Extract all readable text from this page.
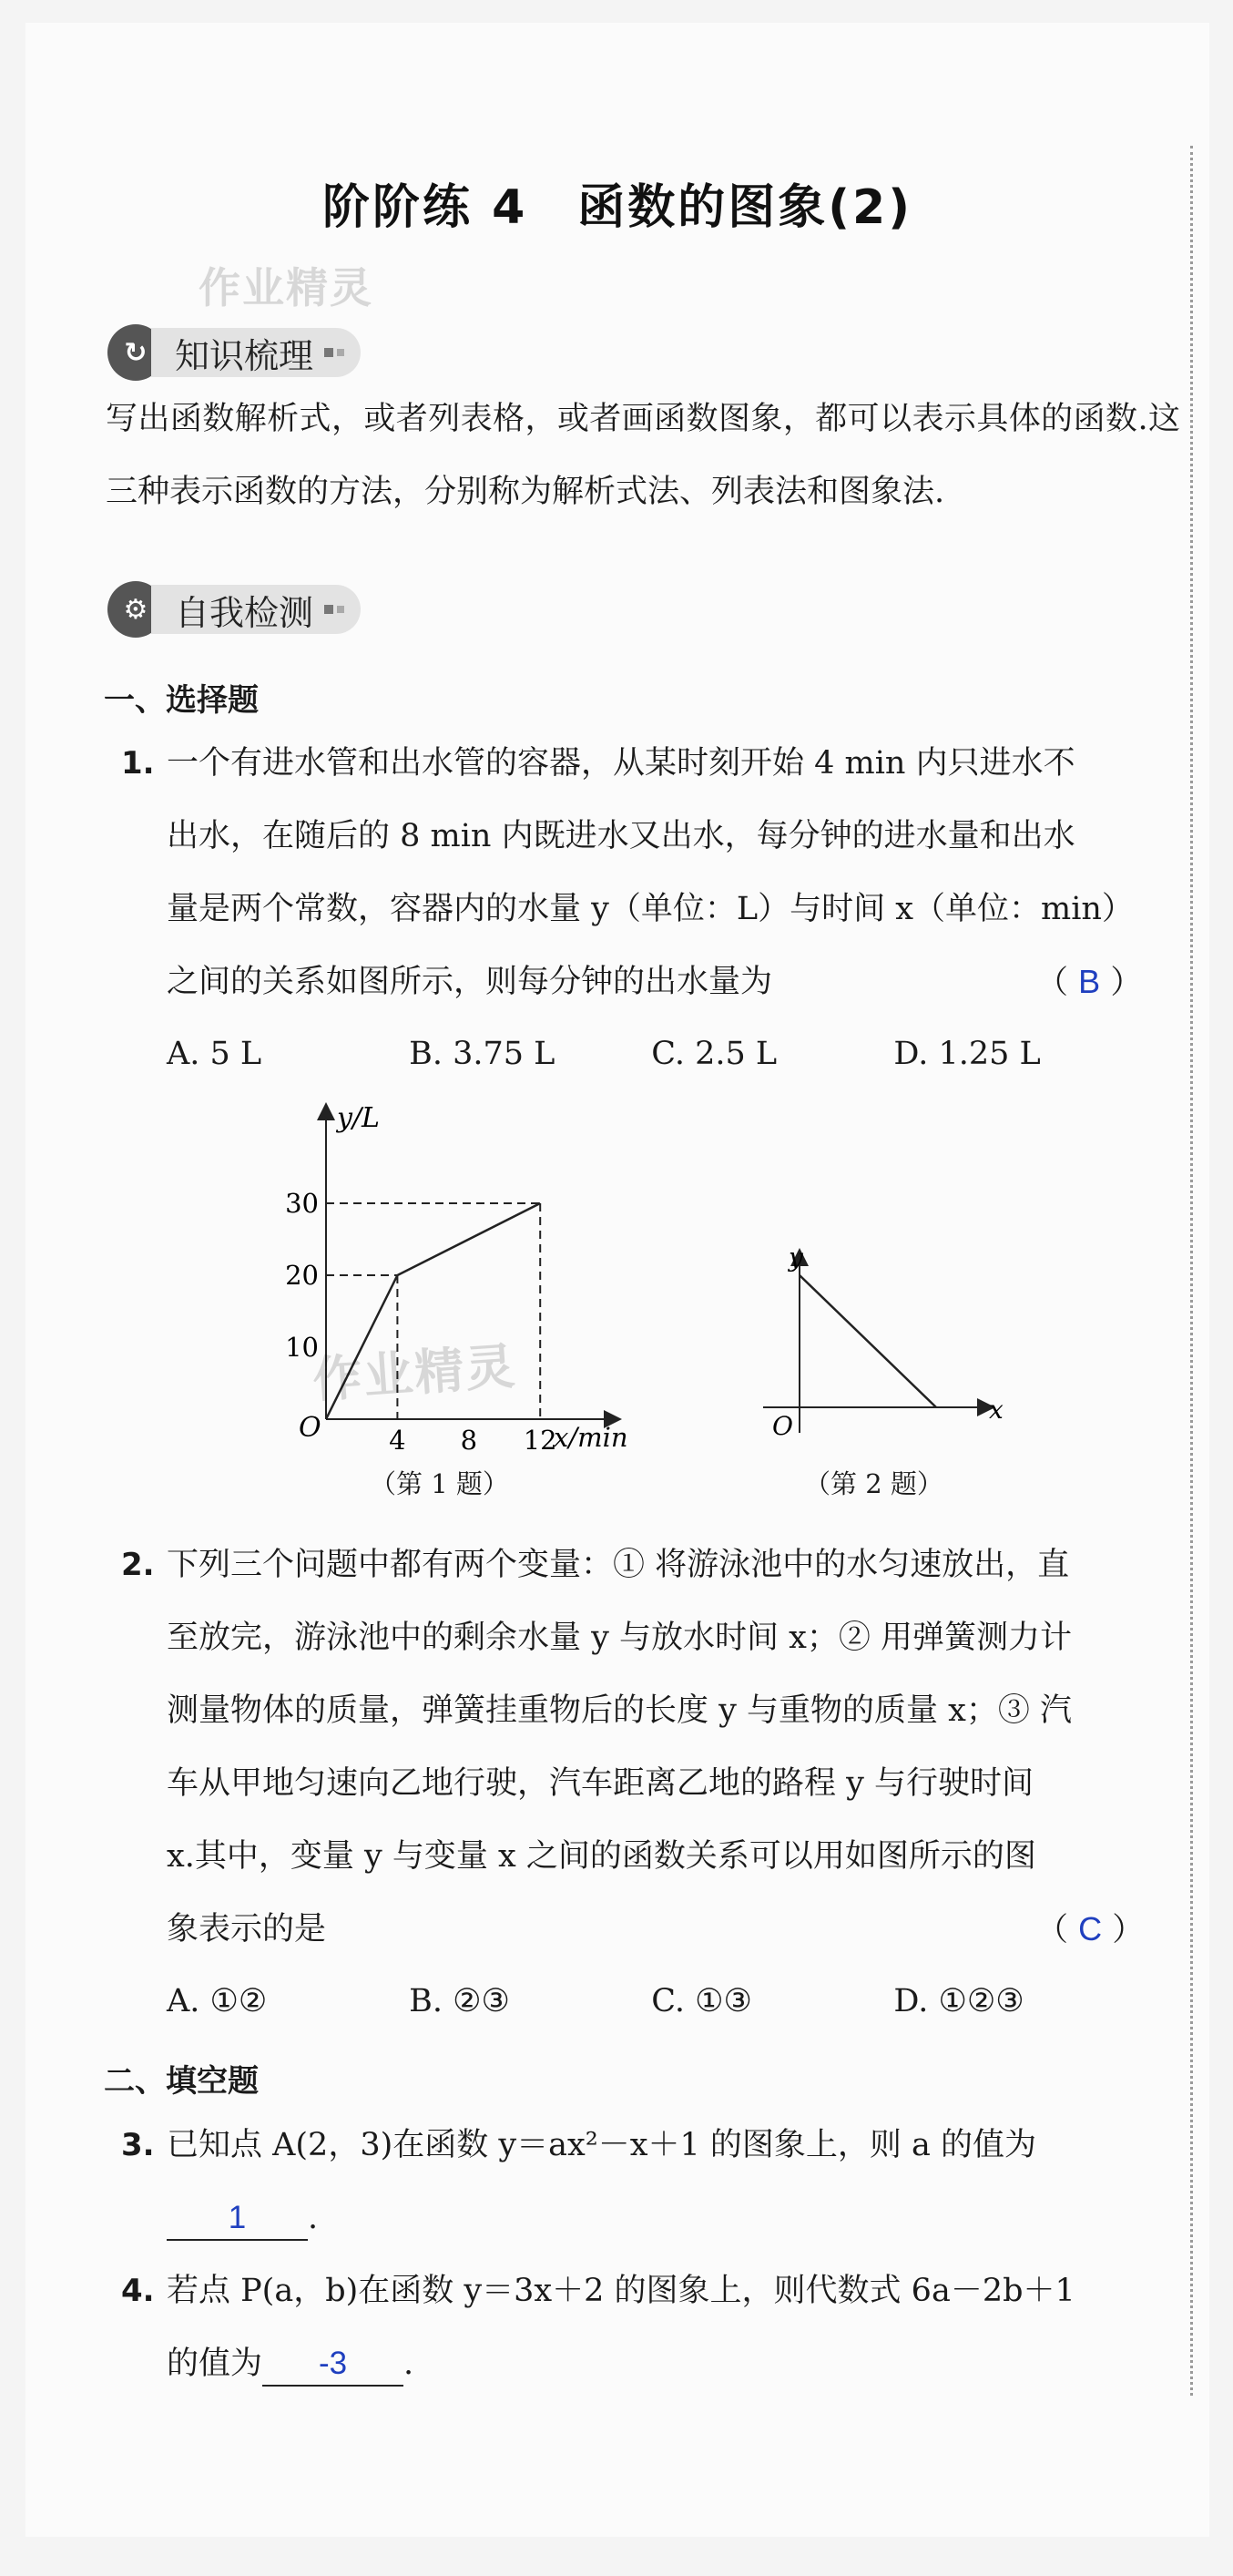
阶阶练 4　函数的图象(2)
作业精灵
↻ 知识梳理
写出函数解析式，或者列表格，或者画函数图象，都可以表示具体的函数.这三种表示函数的方法，分别称为解析式法、列表法和图象法.
⚙ 自我检测
一、选择题
1. 一个有进水管和出水管的容器，从某时刻开始 4 min 内只进水不
出水，在随后的 8 min 内既进水又出水，每分钟的进水量和出水
量是两个常数，容器内的水量 y（单位：L）与时间 x（单位：min）
之间的关系如图所示，则每分钟的出水量为	（ B ）
A. 5 L	B. 3.75 L	C. 2.5 L	D. 1.25 L
30
20
10
4 8 12
y/L
x/min
O
（第 1 题）
y
x
O
（第 2 题）
作业精灵
2. 下列三个问题中都有两个变量：① 将游泳池中的水匀速放出，直
至放完，游泳池中的剩余水量 y 与放水时间 x；② 用弹簧测力计
测量物体的质量，弹簧挂重物后的长度 y 与重物的质量 x；③ 汽
车从甲地匀速向乙地行驶，汽车距离乙地的路程 y 与行驶时间
x.其中，变量 y 与变量 x 之间的函数关系可以用如图所示的图
象表示的是	（ C ）
A. ①②	B. ②③	C. ①③	D. ①②③
二、填空题
3. 已知点 A(2，3)在函数 y＝ax²－x＋1 的图象上，则 a 的值为
1 .
4. 若点 P(a，b)在函数 y＝3x＋2 的图象上，则代数式 6a－2b＋1
的值为 -3 .
